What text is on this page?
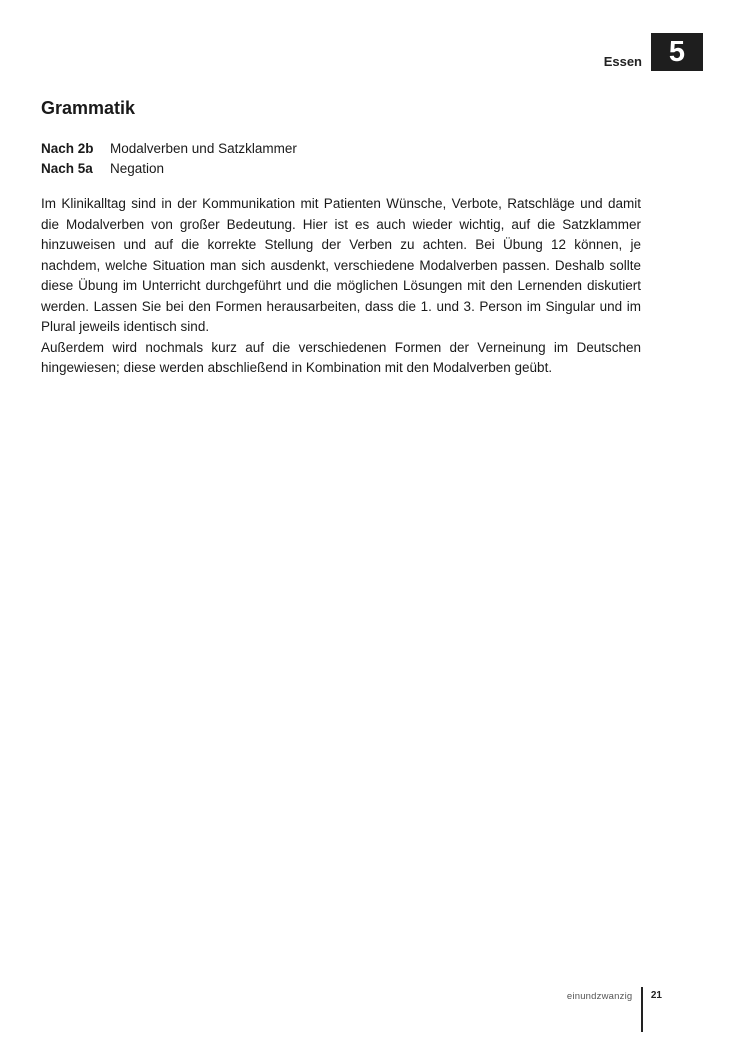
Essen 5
Grammatik
Nach 2b	Modalverben und Satzklammer
Nach 5a	Negation

Im Klinikalltag sind in der Kommunikation mit Patienten Wünsche, Verbote, Ratschläge und damit die Modalverben von großer Bedeutung. Hier ist es auch wieder wichtig, auf die Satzklammer hinzuweisen und auf die korrekte Stellung der Verben zu achten. Bei Übung 12 können, je nachdem, welche Situation man sich ausdenkt, verschiedene Modalverben passen. Deshalb sollte diese Übung im Unterricht durchgeführt und die möglichen Lösungen mit den Lernenden diskutiert werden. Lassen Sie bei den Formen herausarbeiten, dass die 1. und 3. Person im Singular und im Plural jeweils identisch sind.

Außerdem wird nochmals kurz auf die verschiedenen Formen der Verneinung im Deutschen hingewiesen; diese werden abschließend in Kombination mit den Modalverben geübt.

einundzwanzig 21
